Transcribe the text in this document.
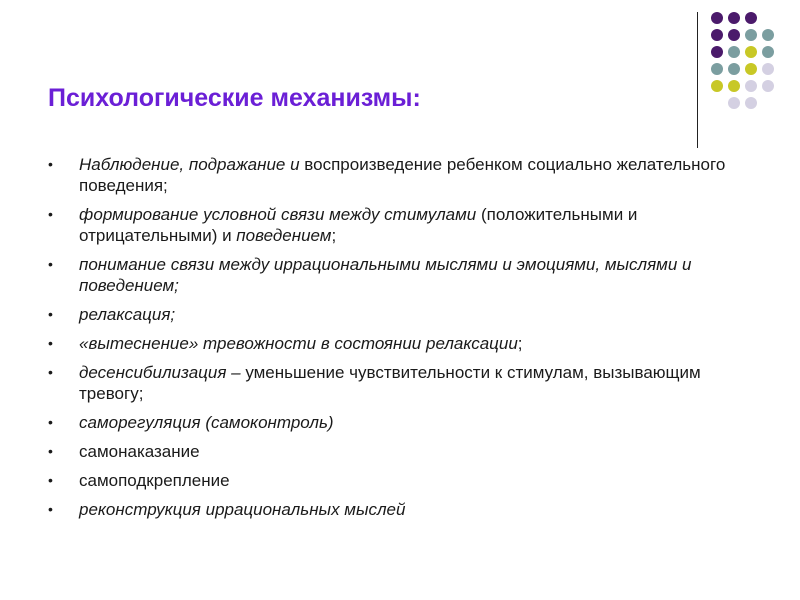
Психологические механизмы:
• Наблюдение, подражание и воспроизведение ребенком социально желательного поведения;
• формирование условной связи между стимулами (положительными и отрицательными) и поведением;
• понимание связи между иррациональными мыслями и эмоциями, мыслями и поведением;
• релаксация;
• «вытеснение» тревожности в состоянии релаксации;
• десенсибилизация – уменьшение чувствительности к стимулам, вызывающим тревогу;
• саморегуляция (самоконтроль)
• самонаказание
• самоподкрепление
• реконструкция иррациональных мыслей
